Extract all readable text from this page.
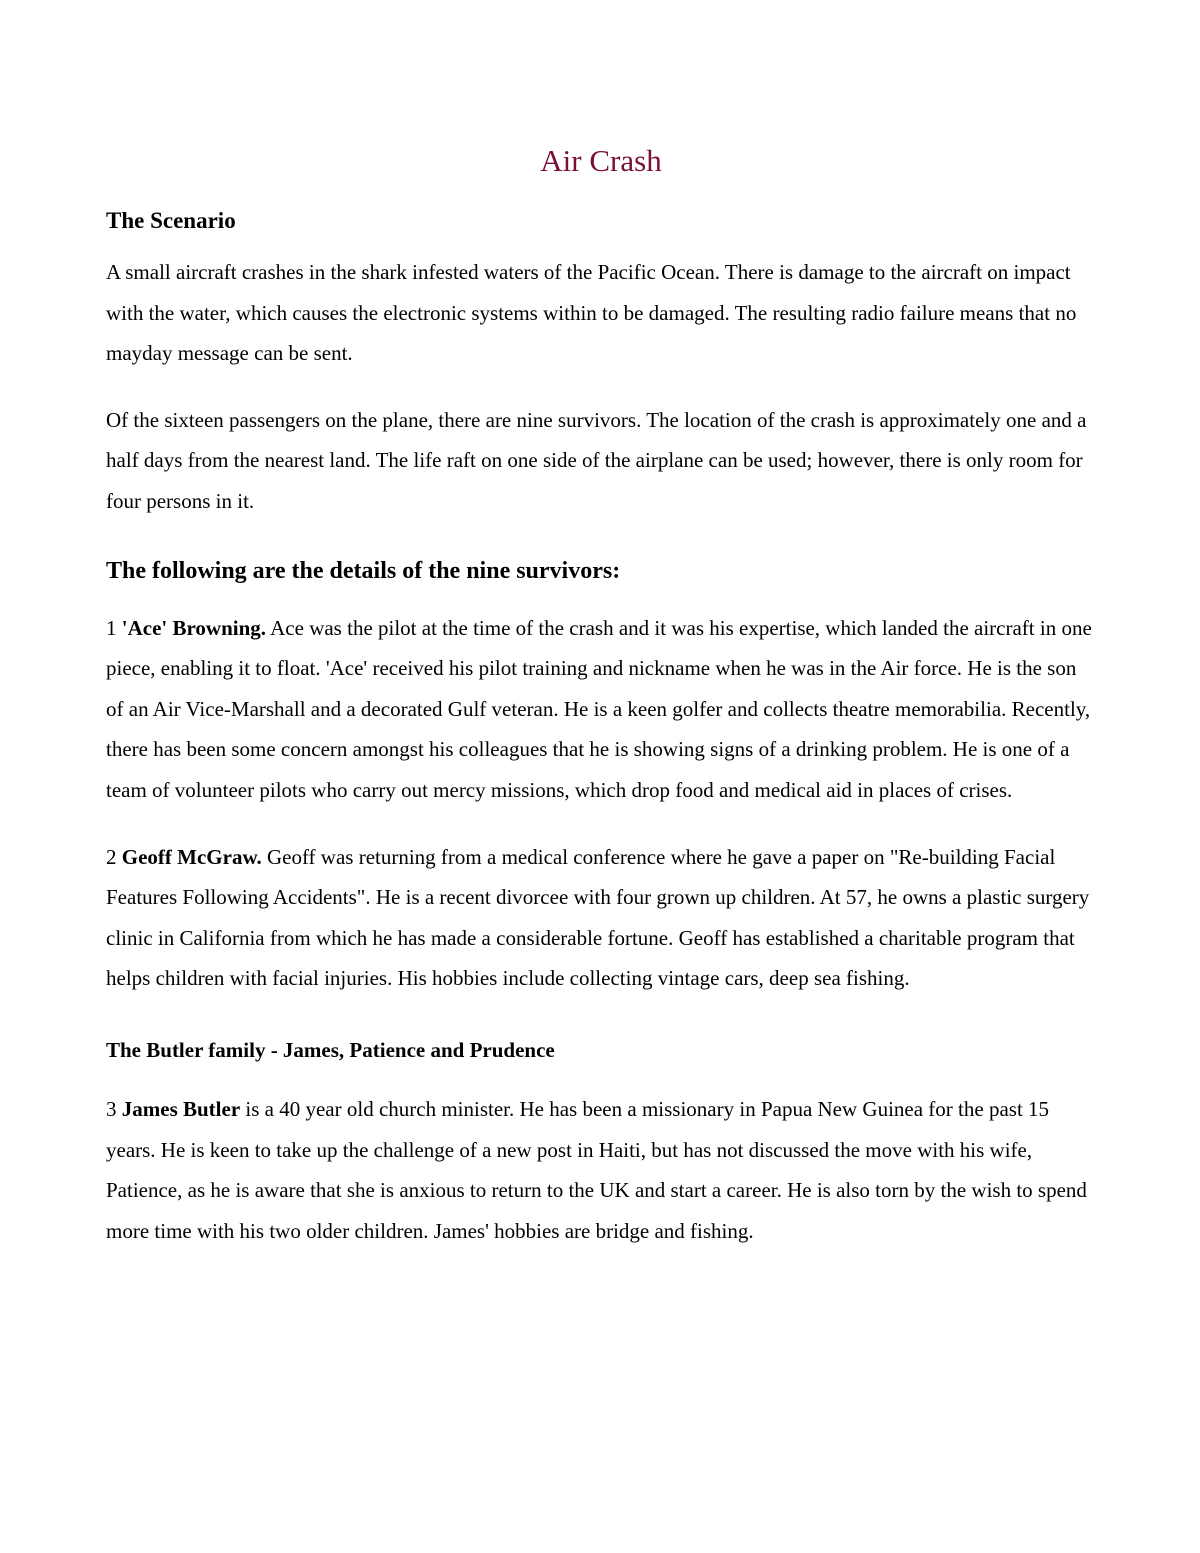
Air Crash
The Scenario

A small aircraft crashes in the shark infested waters of the Pacific Ocean. There is damage to the aircraft on impact with the water, which causes the electronic systems within to be damaged. The resulting radio failure means that no mayday message can be sent.

Of the sixteen passengers on the plane, there are nine survivors. The location of the crash is approximately one and a half days from the nearest land. The life raft on one side of the airplane can be used; however, there is only room for four persons in it.

The following are the details of the nine survivors:

1 'Ace' Browning. Ace was the pilot at the time of the crash and it was his expertise, which landed the aircraft in one piece, enabling it to float. 'Ace' received his pilot training and nickname when he was in the Air force. He is the son of an Air Vice-Marshall and a decorated Gulf veteran. He is a keen golfer and collects theatre memorabilia. Recently, there has been some concern amongst his colleagues that he is showing signs of a drinking problem. He is one of a team of volunteer pilots who carry out mercy missions, which drop food and medical aid in places of crises.

2 Geoff McGraw. Geoff was returning from a medical conference where he gave a paper on "Re-building Facial Features Following Accidents". He is a recent divorcee with four grown up children. At 57, he owns a plastic surgery clinic in California from which he has made a considerable fortune. Geoff has established a charitable program that helps children with facial injuries. His hobbies include collecting vintage cars, deep sea fishing.

The Butler family - James, Patience and Prudence

3 James Butler is a 40 year old church minister. He has been a missionary in Papua New Guinea for the past 15 years. He is keen to take up the challenge of a new post in Haiti, but has not discussed the move with his wife, Patience, as he is aware that she is anxious to return to the UK and start a career. He is also torn by the wish to spend more time with his two older children. James' hobbies are bridge and fishing.
